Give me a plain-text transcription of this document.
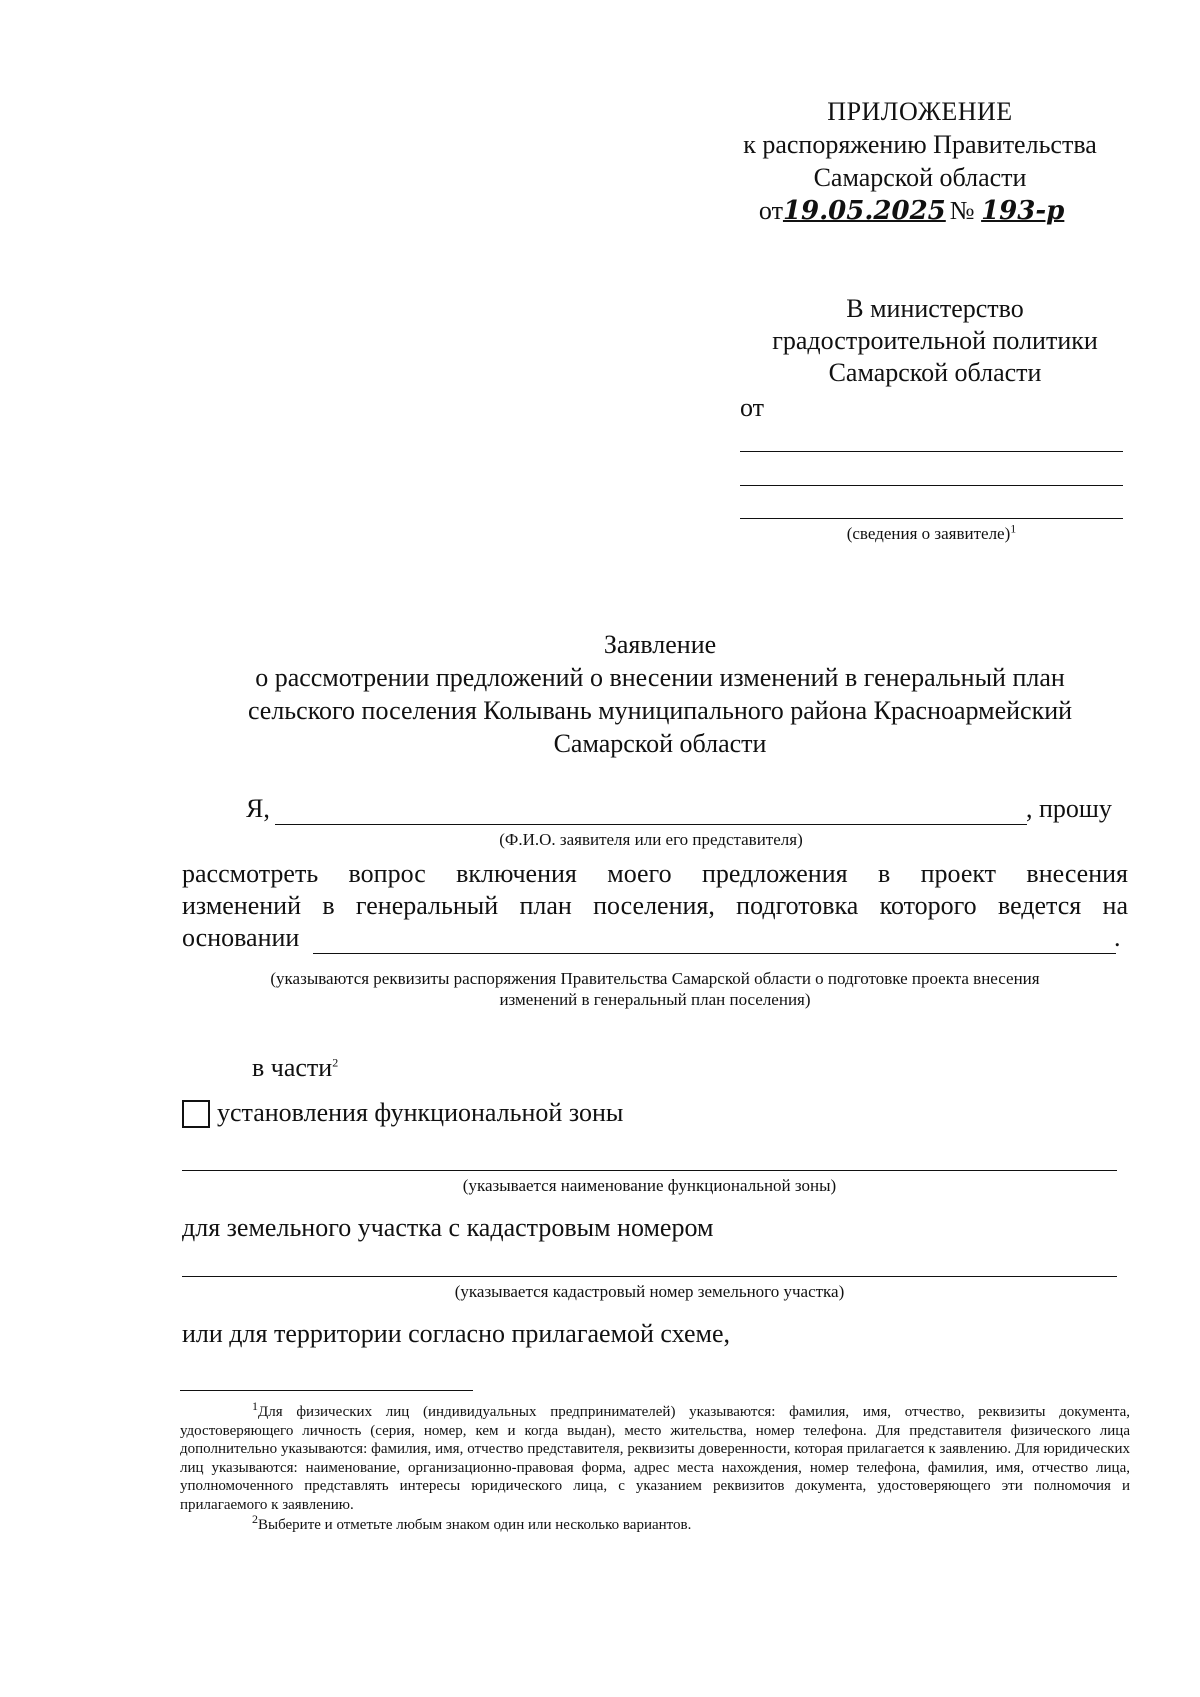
ПРИЛОЖЕНИЕ
к распоряжению Правительства
Самарской области
от19.05.2025 № 193-р
В министерство
градостроительной политики
Самарской области
от
(сведения о заявителе)$^1$
Заявление
о рассмотрении предложений о внесении изменений в генеральный план
сельского поселения Колывань муниципального района Красноармейский
Самарской области
Я,	, прошу
(Ф.И.О. заявителя или его представителя)
рассмотреть вопрос включения моего предложения в проект внесения
изменений в генеральный план поселения, подготовка которого ведется на
основании	.
(указываются реквизиты распоряжения Правительства Самарской области о подготовке проекта внесения
изменений в генеральный план поселения)
в части$^2$
установления функциональной зоны
(указывается наименование функциональной зоны)
для земельного участка с кадастровым номером
(указывается кадастровый номер земельного участка)
или для территории согласно прилагаемой схеме,

$^1$Для физических лиц (индивидуальных предпринимателей) указываются: фамилия, имя, отчество, реквизиты документа, удостоверяющего личность (серия, номер, кем и когда выдан), место жительства, номер телефона. Для представителя физического лица дополнительно указываются: фамилия, имя, отчество представителя, реквизиты доверенности, которая прилагается к заявлению. Для юридических лиц указываются: наименование, организационно-правовая форма, адрес места нахождения, номер телефона, фамилия, имя, отчество лица, уполномоченного представлять интересы юридического лица, с указанием реквизитов документа, удостоверяющего эти полномочия и прилагаемого к заявлению.

$^2$Выберите и отметьте любым знаком один или несколько вариантов.
